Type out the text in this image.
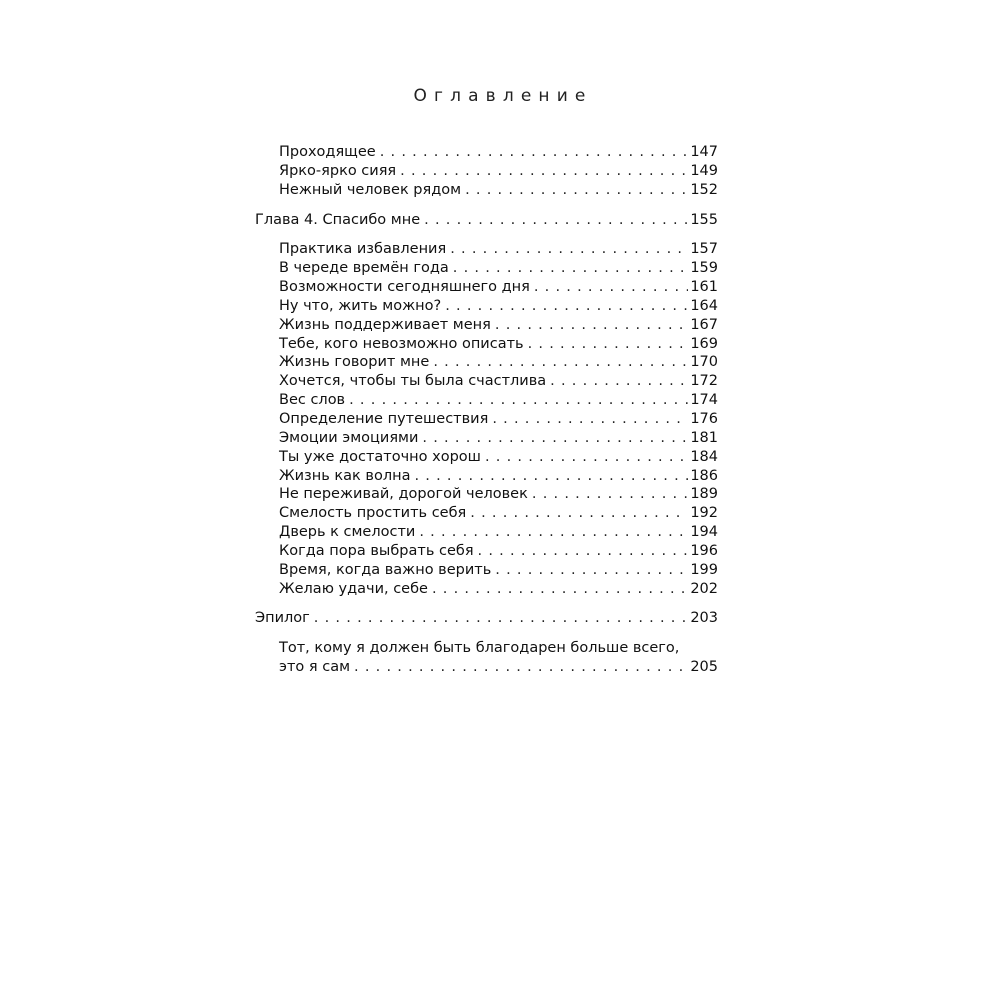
Оглавление
Проходящее . . .	147
Ярко-ярко сияя . . .	149
Нежный человек рядом . . .	152
Глава 4. Спасибо мне . . .	155
Практика избавления . . .	157
В череде времён года . . .	159
Возможности сегодняшнего дня . . .	161
Ну что, жить можно? . . .	164
Жизнь поддерживает меня . . .	167
Тебе, кого невозможно описать . . .	169
Жизнь говорит мне . . .	170
Хочется, чтобы ты была счастлива . . .	172
Вес слов . . .	174
Определение путешествия . . .	176
Эмоции эмоциями . . .	181
Ты уже достаточно хорош . . .	184
Жизнь как волна . . .	186
Не переживай, дорогой человек . . .	189
Смелость простить себя . . .	192
Дверь к смелости . . .	194
Когда пора выбрать себя . . .	196
Время, когда важно верить . . .	199
Желаю удачи, себе . . .	202
Эпилог . . .	203
Тот, кому я должен быть благодарен больше всего,
это я сам . . .	205
